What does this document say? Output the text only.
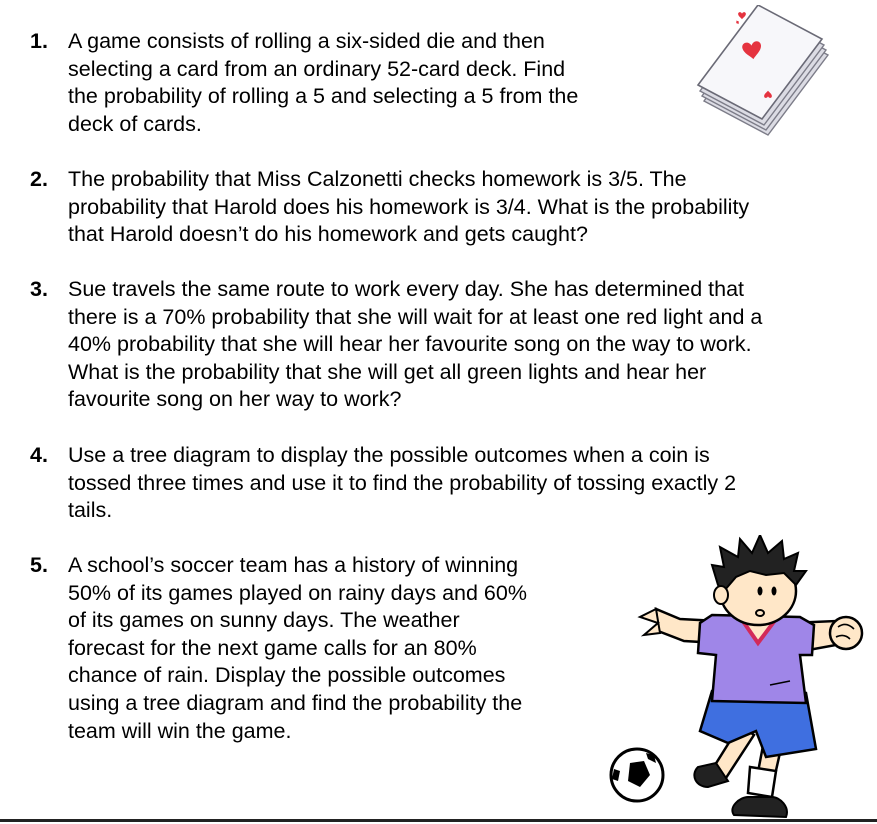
1. A game consists of rolling a six-sided die and then
selecting a card from an ordinary 52-card deck. Find
the probability of rolling a 5 and selecting a 5 from the
deck of cards.
2. The probability that Miss Calzonetti checks homework is 3/5. The
probability that Harold does his homework is 3/4. What is the probability
that Harold doesn’t do his homework and gets caught?
3. Sue travels the same route to work every day. She has determined that
there is a 70% probability that she will wait for at least one red light and a
40% probability that she will hear her favourite song on the way to work.
What is the probability that she will get all green lights and hear her
favourite song on her way to work?
4. Use a tree diagram to display the possible outcomes when a coin is
tossed three times and use it to find the probability of tossing exactly 2
tails.
5. A school’s soccer team has a history of winning
50% of its games played on rainy days and 60%
of its games on sunny days. The weather
forecast for the next game calls for an 80%
chance of rain. Display the possible outcomes
using a tree diagram and find the probability the
team will win the game.
♦
